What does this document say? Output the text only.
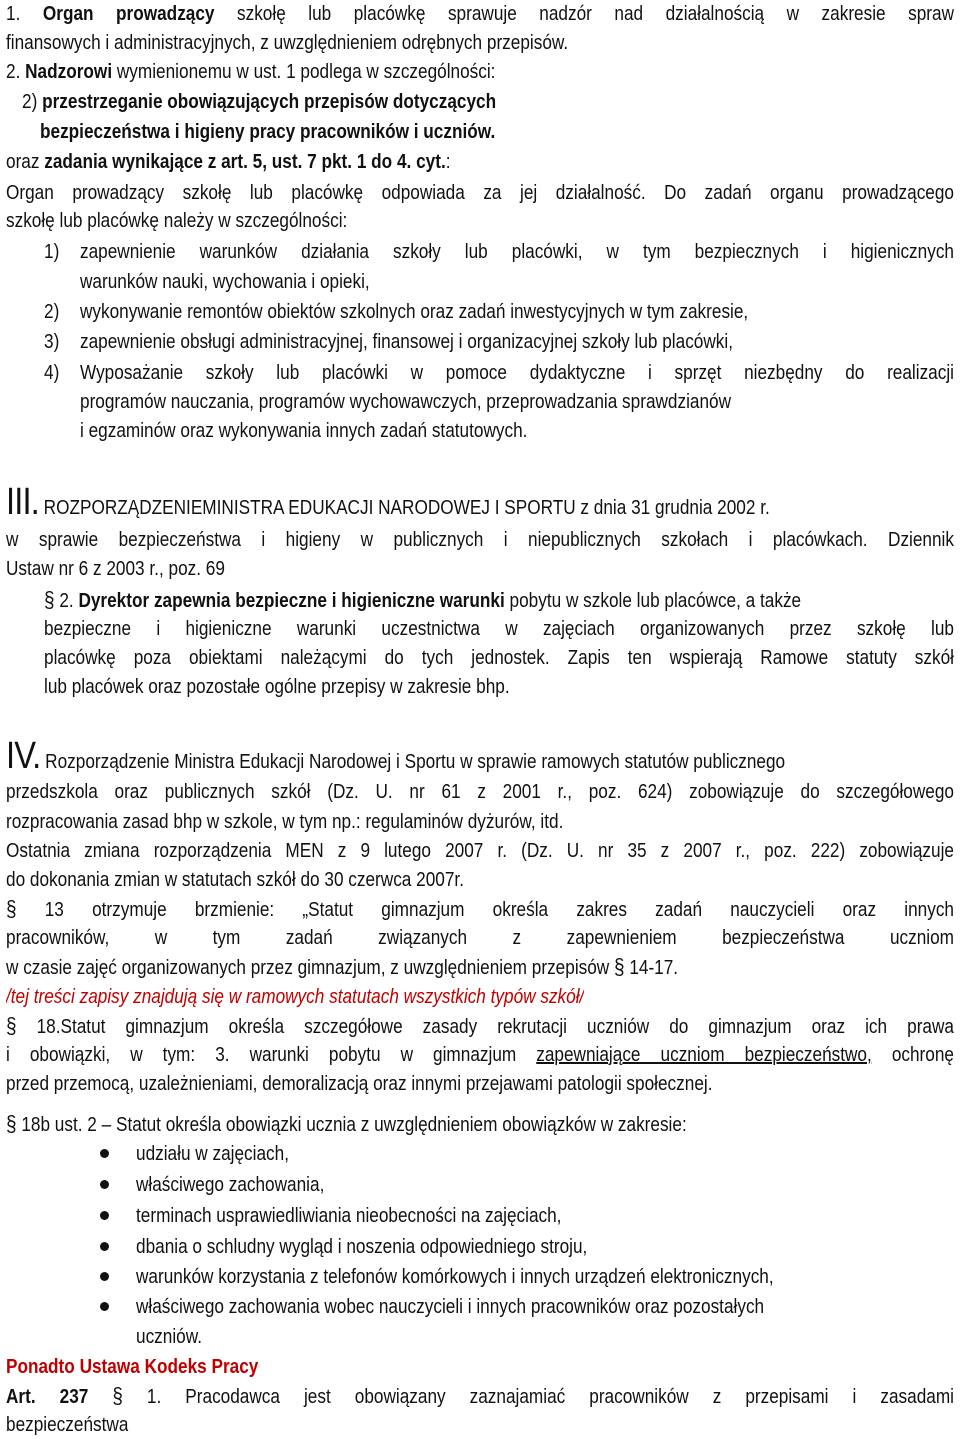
1. Organ prowadzący szkołę lub placówkę sprawuje nadzór nad działalnością w zakresie spraw
finansowych i administracyjnych, z uwzględnieniem odrębnych przepisów.
2. Nadzorowi wymienionemu w ust. 1 podlega w szczególności:
2) przestrzeganie obowiązujących przepisów dotyczących
bezpieczeństwa i higieny pracy pracowników i uczniów.
oraz zadania wynikające z art. 5, ust. 7 pkt. 1 do 4. cyt.:
Organ prowadzący szkołę lub placówkę odpowiada za jej działalność. Do zadań organu prowadzącego
szkołę lub placówkę należy w szczególności:
1) zapewnienie warunków działania szkoły lub placówki, w tym bezpiecznych i higienicznych
warunków nauki, wychowania i opieki,
2) wykonywanie remontów obiektów szkolnych oraz zadań inwestycyjnych w tym zakresie,
3) zapewnienie obsługi administracyjnej, finansowej i organizacyjnej szkoły lub placówki,
4) Wyposażanie szkoły lub placówki w pomoce dydaktyczne i sprzęt niezbędny do realizacji
programów nauczania, programów wychowawczych, przeprowadzania sprawdzianów
i egzaminów oraz wykonywania innych zadań statutowych.
III. ROZPORZĄDZENIEMINISTRA EDUKACJI NARODOWEJ I SPORTU z dnia 31 grudnia 2002 r.
w sprawie bezpieczeństwa i higieny w publicznych i niepublicznych szkołach i placówkach. Dziennik
Ustaw nr 6 z 2003 r., poz. 69
§ 2. Dyrektor zapewnia bezpieczne i higieniczne warunki pobytu w szkole lub placówce, a także
bezpieczne i higieniczne warunki uczestnictwa w zajęciach organizowanych przez szkołę lub
placówkę poza obiektami należącymi do tych jednostek. Zapis ten wspierają Ramowe statuty szkół
lub placówek oraz pozostałe ogólne przepisy w zakresie bhp.
IV. Rozporządzenie Ministra Edukacji Narodowej i Sportu w sprawie ramowych statutów publicznego
przedszkola oraz publicznych szkół (Dz. U. nr 61 z 2001 r., poz. 624) zobowiązuje do szczegółowego
rozpracowania zasad bhp w szkole, w tym np.: regulaminów dyżurów, itd.
Ostatnia zmiana rozporządzenia MEN z 9 lutego 2007 r. (Dz. U. nr 35 z 2007 r., poz. 222) zobowiązuje
do dokonania zmian w statutach szkół do 30 czerwca 2007r.
§ 13 otrzymuje brzmienie: „Statut gimnazjum określa zakres zadań nauczycieli oraz innych
pracowników, w tym zadań związanych z zapewnieniem bezpieczeństwa uczniom
w czasie zajęć organizowanych przez gimnazjum, z uwzględnieniem przepisów § 14-17.
/tej treści zapisy znajdują się w ramowych statutach wszystkich typów szkół/
§ 18.Statut gimnazjum określa szczegółowe zasady rekrutacji uczniów do gimnazjum oraz ich prawa
i obowiązki, w tym: 3. warunki pobytu w gimnazjum zapewniające uczniom bezpieczeństwo, ochronę
przed przemocą, uzależnieniami, demoralizacją oraz innymi przejawami patologii społecznej.
§ 18b ust. 2 – Statut określa obowiązki ucznia z uwzględnieniem obowiązków w zakresie:
udziału w zajęciach,
właściwego zachowania,
terminach usprawiedliwiania nieobecności na zajęciach,
dbania o schludny wygląd i noszenia odpowiedniego stroju,
warunków korzystania z telefonów komórkowych i innych urządzeń elektronicznych,
właściwego zachowania wobec nauczycieli i innych pracowników oraz pozostałych
uczniów.
Ponadto Ustawa Kodeks Pracy
Art. 237 § 1. Pracodawca jest obowiązany zaznajamiać pracowników z przepisami i zasadami
bezpieczeństwa
